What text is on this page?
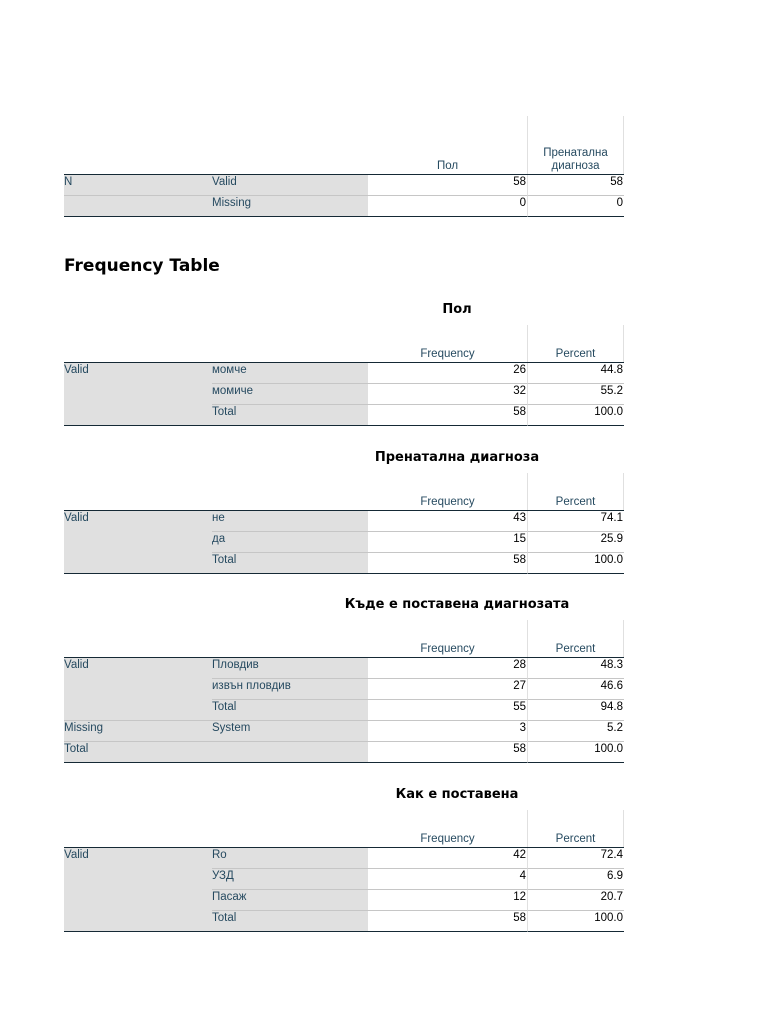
Пол
Пренатална диагноза
N	Valid	58	58
Missing	0	0
Frequency Table
Пол
Frequency	Percent
Valid	момче	26	44.8
момиче	32	55.2
Total	58	100.0
Пренатална диагноза
Frequency	Percent
Valid	не	43	74.1
да	15	25.9
Total	58	100.0
Къде е поставена диагнозата
Frequency	Percent
Valid	Пловдив	28	48.3
извън пловдив	27	46.6
Total	55	94.8
Missing	System	3	5.2
Total	58	100.0
Как е поставена
Frequency	Percent
Valid	Ro	42	72.4
УЗД	4	6.9
Пасаж	12	20.7
Total	58	100.0
